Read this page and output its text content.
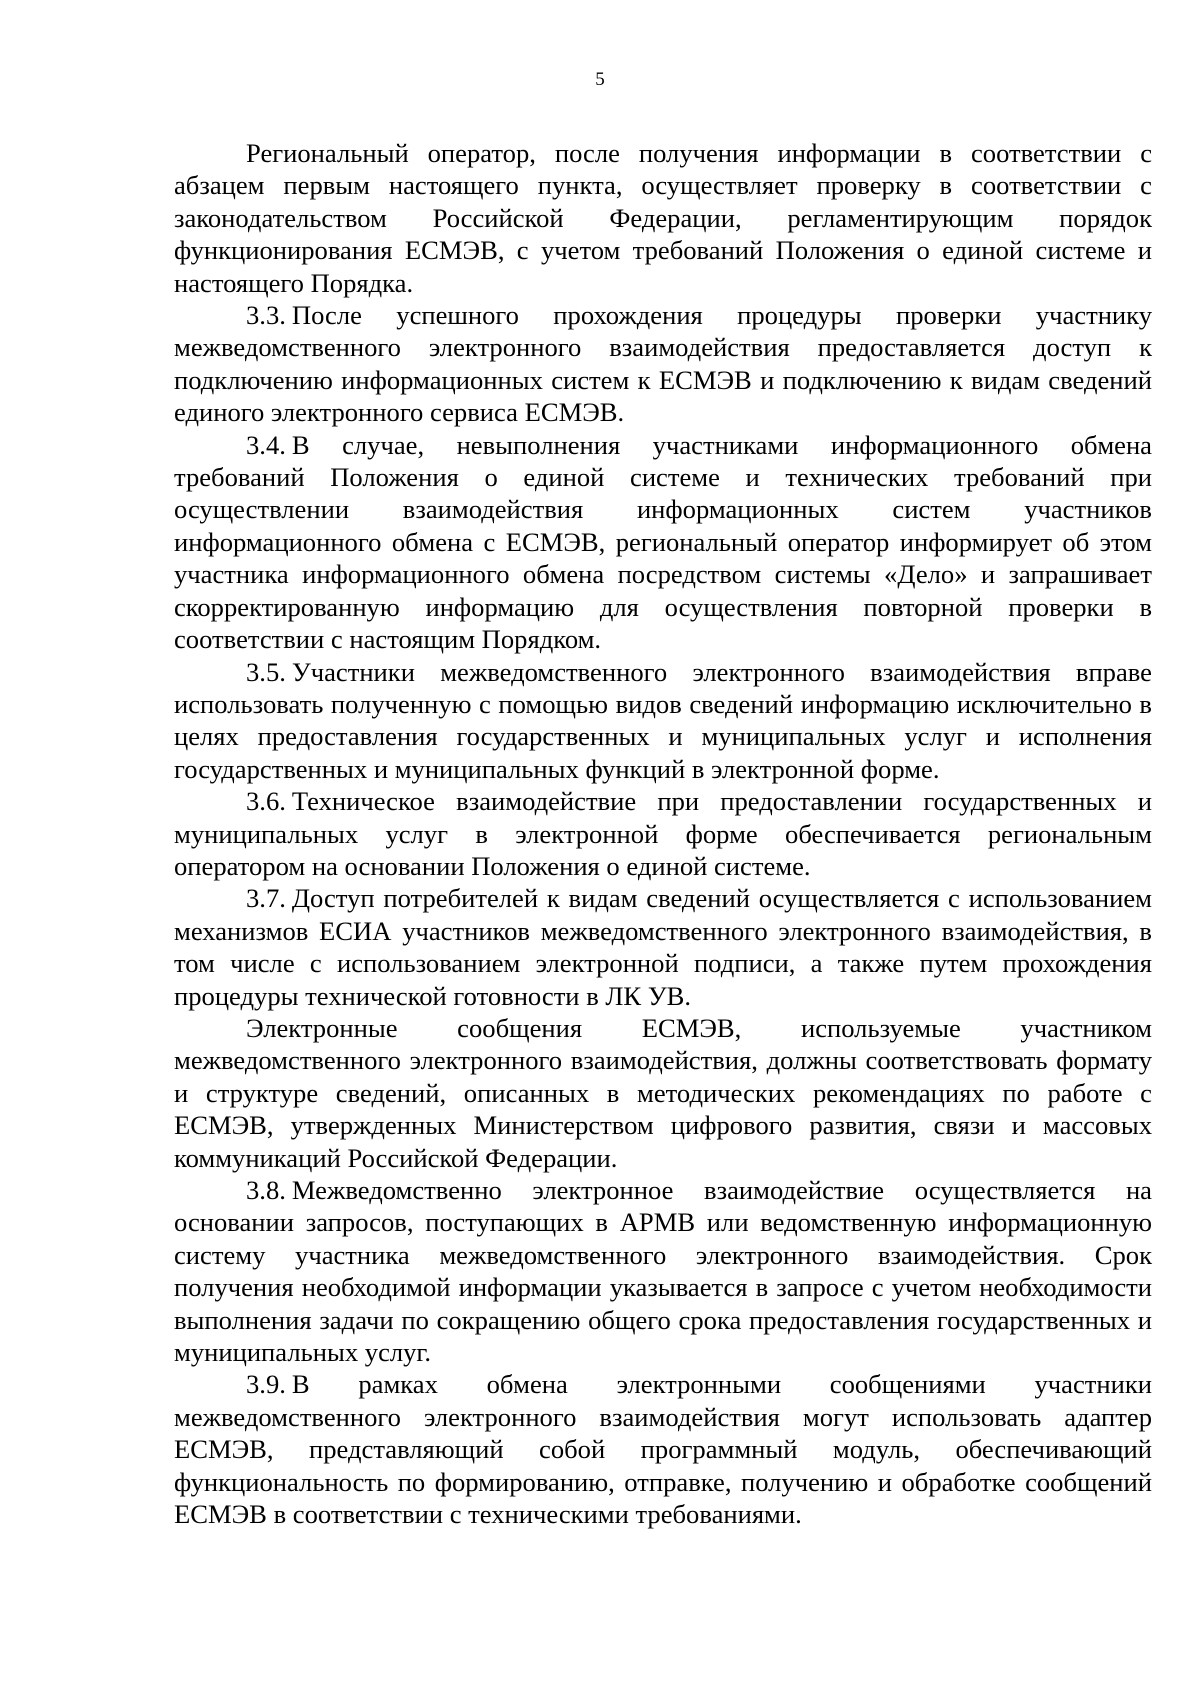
5

Региональный оператор, после получения информации в соответствии с абзацем первым настоящего пункта, осуществляет проверку в соответствии с законодательством Российской Федерации, регламентирующим порядок функционирования ЕСМЭВ, с учетом требований Положения о единой системе и настоящего Порядка.

3.3. После успешного прохождения процедуры проверки участнику межведомственного электронного взаимодействия предоставляется доступ к подключению информационных систем к ЕСМЭВ и подключению к видам сведений единого электронного сервиса ЕСМЭВ.

3.4. В случае, невыполнения участниками информационного обмена требований Положения о единой системе и технических требований при осуществлении взаимодействия информационных систем участников информационного обмена с ЕСМЭВ, региональный оператор информирует об этом участника информационного обмена посредством системы «Дело» и запрашивает скорректированную информацию для осуществления повторной проверки в соответствии с настоящим Порядком.

3.5. Участники межведомственного электронного взаимодействия вправе использовать полученную с помощью видов сведений информацию исключительно в целях предоставления государственных и муниципальных услуг и исполнения государственных и муниципальных функций в электронной форме.

3.6. Техническое взаимодействие при предоставлении государственных и муниципальных услуг в электронной форме обеспечивается региональным оператором на основании Положения о единой системе.

3.7. Доступ потребителей к видам сведений осуществляется с использованием механизмов ЕСИА участников межведомственного электронного взаимодействия, в том числе с использованием электронной подписи, а также путем прохождения процедуры технической готовности в ЛК УВ.

Электронные сообщения ЕСМЭВ, используемые участником межведомственного электронного взаимодействия, должны соответствовать формату и структуре сведений, описанных в методических рекомендациях по работе с ЕСМЭВ, утвержденных Министерством цифрового развития, связи и массовых коммуникаций Российской Федерации.

3.8. Межведомственно электронное взаимодействие осуществляется на основании запросов, поступающих в АРМВ или ведомственную информационную систему участника межведомственного электронного взаимодействия. Срок получения необходимой информации указывается в запросе с учетом необходимости выполнения задачи по сокращению общего срока предоставления государственных и муниципальных услуг.

3.9. В рамках обмена электронными сообщениями участники межведомственного электронного взаимодействия могут использовать адаптер ЕСМЭВ, представляющий собой программный модуль, обеспечивающий функциональность по формированию, отправке, получению и обработке сообщений ЕСМЭВ в соответствии с техническими требованиями.
